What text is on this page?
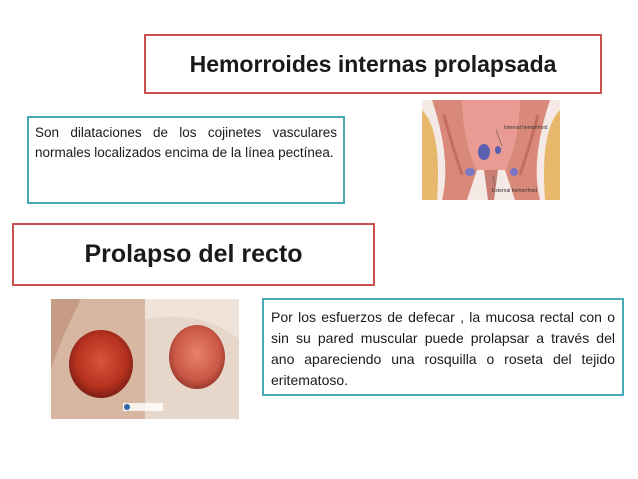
Hemorroides internas prolapsada
Son dilataciones de los cojinetes vasculares normales localizados encima de la línea pectínea.
Internal hemorrhoid
External hemorrhoid
Prolapso del recto
Por los esfuerzos de defecar , la mucosa rectal con o sin su pared muscular puede prolapsar a través del ano apareciendo una rosquilla o roseta del tejido eritematoso.
